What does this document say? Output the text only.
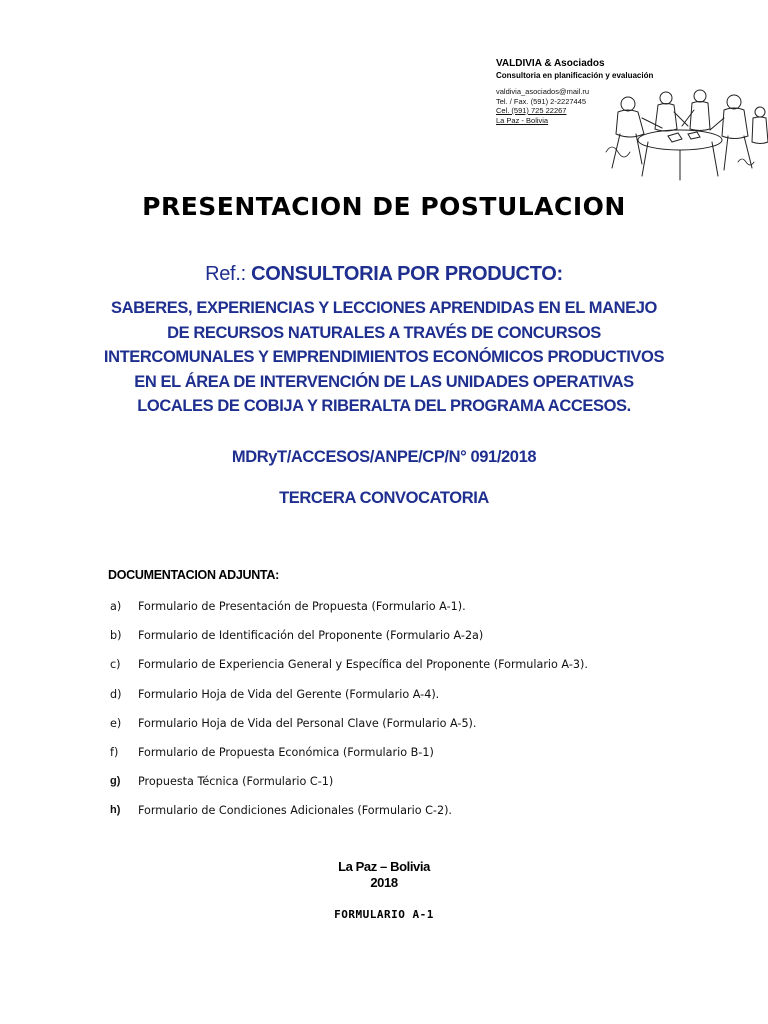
VALDIVIA & Asociados
Consultoria en planificación y evaluación
valdivia_asociados@mail.ru
Tel. / Fax. (591) 2-2227445
Cel. (591) 725 22267
La Paz - Bolivia
PRESENTACION DE POSTULACION
Ref.: CONSULTORIA POR PRODUCTO:
SABERES, EXPERIENCIAS Y LECCIONES APRENDIDAS EN EL MANEJO DE RECURSOS NATURALES A TRAVÉS DE CONCURSOS INTERCOMUNALES Y EMPRENDIMIENTOS ECONÓMICOS PRODUCTIVOS EN EL ÁREA DE INTERVENCIÓN DE LAS UNIDADES OPERATIVAS LOCALES DE COBIJA Y RIBERALTA DEL PROGRAMA ACCESOS.
MDRyT/ACCESOS/ANPE/CP/N° 091/2018
TERCERA CONVOCATORIA
DOCUMENTACION ADJUNTA:
a)	Formulario de Presentación de Propuesta (Formulario A-1).
b)	Formulario de Identificación del Proponente (Formulario A-2a)
c)	Formulario de Experiencia General y Específica del Proponente (Formulario A-3).
d)	Formulario Hoja de Vida del Gerente (Formulario A-4).
e)	Formulario Hoja de Vida del Personal Clave (Formulario A-5).
f)	Formulario de Propuesta Económica (Formulario B-1)
g)	Propuesta Técnica (Formulario C-1)
h)	Formulario de Condiciones Adicionales (Formulario C-2).
La Paz – Bolivia
2018
FORMULARIO A-1
